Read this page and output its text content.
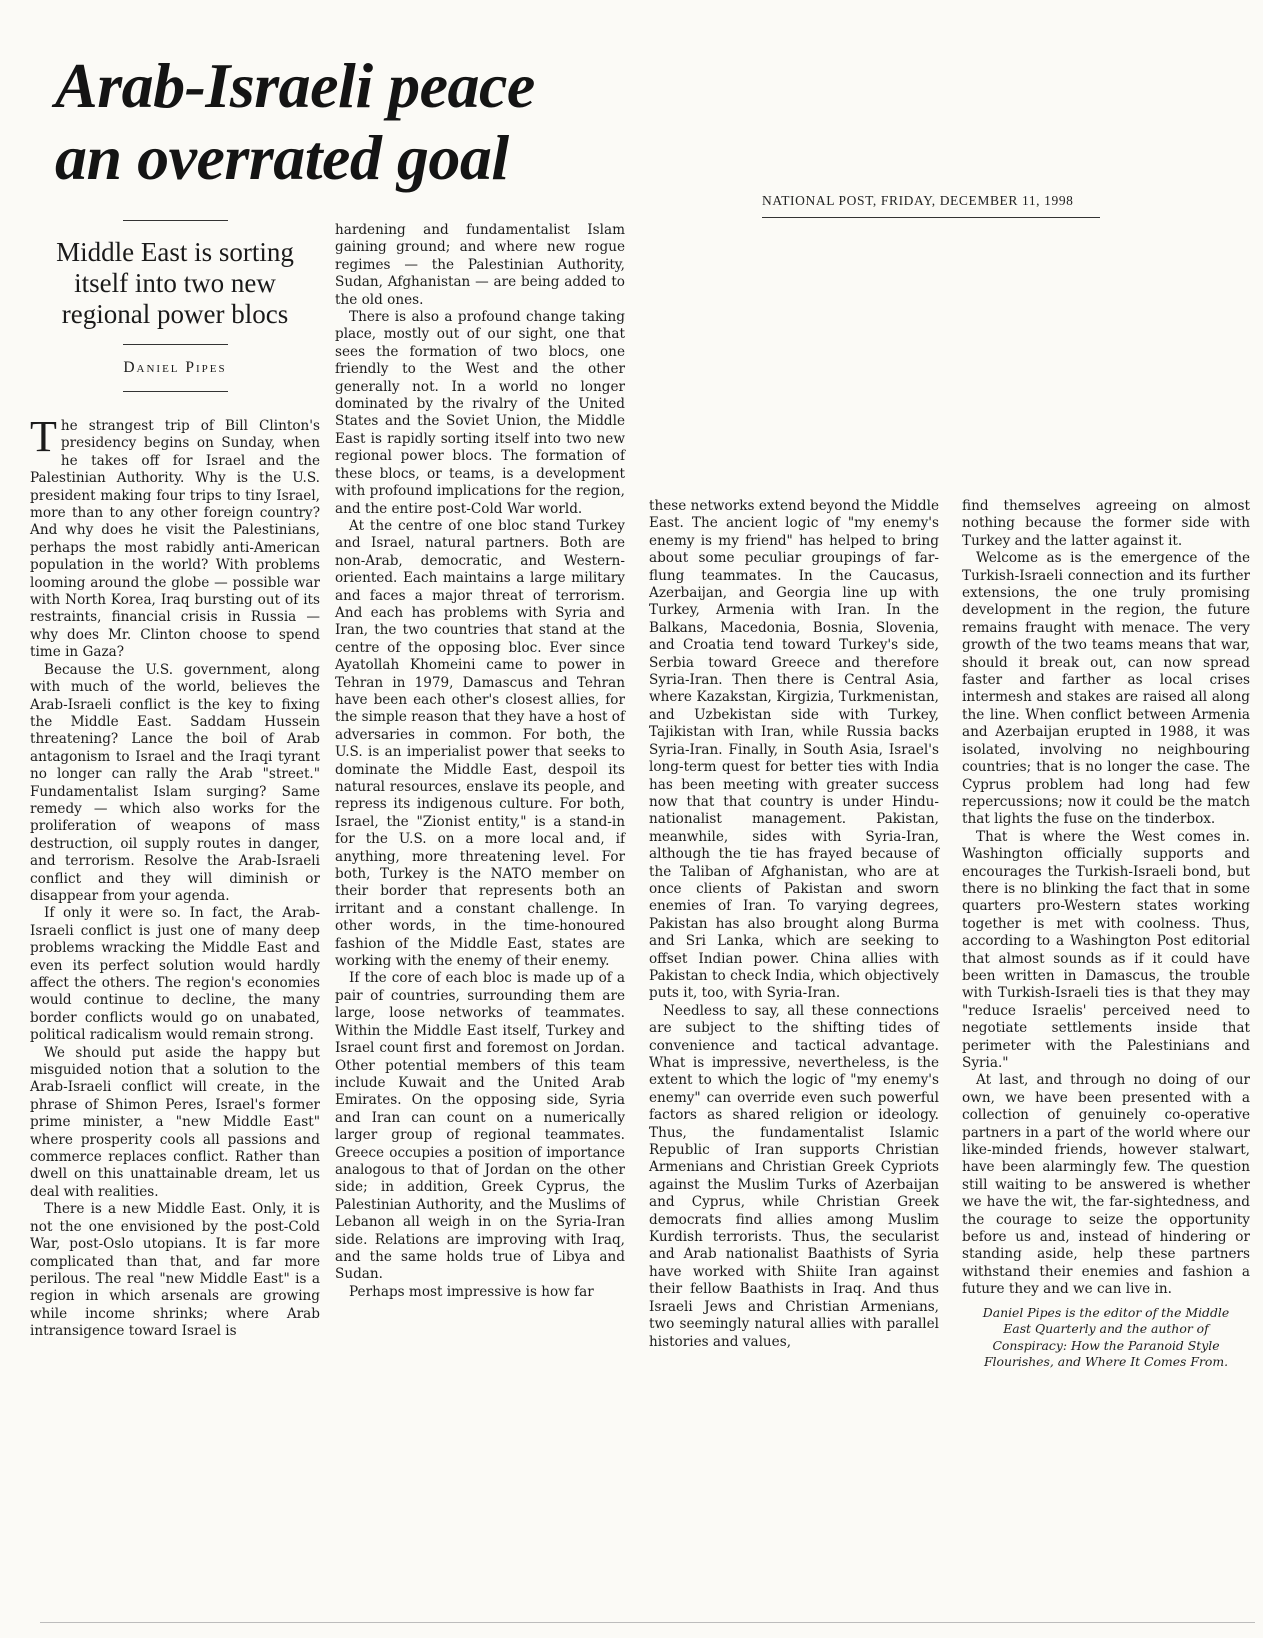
Arab-Israeli peace
an overrated goal
NATIONAL POST, FRIDAY, DECEMBER 11, 1998
Middle East is sorting itself into two new regional power blocs
Daniel Pipes

The strangest trip of Bill Clinton's presidency begins on Sunday, when he takes off for Israel and the Palestinian Authority. Why is the U.S. president making four trips to tiny Israel, more than to any other foreign country? And why does he visit the Palestinians, perhaps the most rabidly anti-American population in the world? With problems looming around the globe — possible war with North Korea, Iraq bursting out of its restraints, financial crisis in Russia — why does Mr. Clinton choose to spend time in Gaza?

Because the U.S. government, along with much of the world, believes the Arab-Israeli conflict is the key to fixing the Middle East. Saddam Hussein threatening? Lance the boil of Arab antagonism to Israel and the Iraqi tyrant no longer can rally the Arab "street." Fundamentalist Islam surging? Same remedy — which also works for the proliferation of weapons of mass destruction, oil supply routes in danger, and terrorism. Resolve the Arab-Israeli conflict and they will diminish or disappear from your agenda.

If only it were so. In fact, the Arab-Israeli conflict is just one of many deep problems wracking the Middle East and even its perfect solution would hardly affect the others. The region's economies would continue to decline, the many border conflicts would go on unabated, political radicalism would remain strong.

We should put aside the happy but misguided notion that a solution to the Arab-Israeli conflict will create, in the phrase of Shimon Peres, Israel's former prime minister, a "new Middle East" where prosperity cools all passions and commerce replaces conflict. Rather than dwell on this unattainable dream, let us deal with realities.

There is a new Middle East. Only, it is not the one envisioned by the post-Cold War, post-Oslo utopians. It is far more complicated than that, and far more perilous. The real "new Middle East" is a region in which arsenals are growing while income shrinks; where Arab intransigence toward Israel is

hardening and fundamentalist Islam gaining ground; and where new rogue regimes — the Palestinian Authority, Sudan, Afghanistan — are being added to the old ones.

There is also a profound change taking place, mostly out of our sight, one that sees the formation of two blocs, one friendly to the West and the other generally not. In a world no longer dominated by the rivalry of the United States and the Soviet Union, the Middle East is rapidly sorting itself into two new regional power blocs. The formation of these blocs, or teams, is a development with profound implications for the region, and the entire post-Cold War world.

At the centre of one bloc stand Turkey and Israel, natural partners. Both are non-Arab, democratic, and Western-oriented. Each maintains a large military and faces a major threat of terrorism. And each has problems with Syria and Iran, the two countries that stand at the centre of the opposing bloc. Ever since Ayatollah Khomeini came to power in Tehran in 1979, Damascus and Tehran have been each other's closest allies, for the simple reason that they have a host of adversaries in common. For both, the U.S. is an imperialist power that seeks to dominate the Middle East, despoil its natural resources, enslave its people, and repress its indigenous culture. For both, Israel, the "Zionist entity," is a stand-in for the U.S. on a more local and, if anything, more threatening level. For both, Turkey is the NATO member on their border that represents both an irritant and a constant challenge. In other words, in the time-honoured fashion of the Middle East, states are working with the enemy of their enemy.

If the core of each bloc is made up of a pair of countries, surrounding them are large, loose networks of teammates. Within the Middle East itself, Turkey and Israel count first and foremost on Jordan. Other potential members of this team include Kuwait and the United Arab Emirates. On the opposing side, Syria and Iran can count on a numerically larger group of regional teammates. Greece occupies a position of importance analogous to that of Jordan on the other side; in addition, Greek Cyprus, the Palestinian Authority, and the Muslims of Lebanon all weigh in on the Syria-Iran side. Relations are improving with Iraq, and the same holds true of Libya and Sudan.

Perhaps most impressive is how far

these networks extend beyond the Middle East. The ancient logic of "my enemy's enemy is my friend" has helped to bring about some peculiar groupings of far-flung teammates. In the Caucasus, Azerbaijan, and Georgia line up with Turkey, Armenia with Iran. In the Balkans, Macedonia, Bosnia, Slovenia, and Croatia tend toward Turkey's side, Serbia toward Greece and therefore Syria-Iran. Then there is Central Asia, where Kazakstan, Kirgizia, Turkmenistan, and Uzbekistan side with Turkey, Tajikistan with Iran, while Russia backs Syria-Iran. Finally, in South Asia, Israel's long-term quest for better ties with India has been meeting with greater success now that that country is under Hindu-nationalist management. Pakistan, meanwhile, sides with Syria-Iran, although the tie has frayed because of the Taliban of Afghanistan, who are at once clients of Pakistan and sworn enemies of Iran. To varying degrees, Pakistan has also brought along Burma and Sri Lanka, which are seeking to offset Indian power. China allies with Pakistan to check India, which objectively puts it, too, with Syria-Iran.

Needless to say, all these connections are subject to the shifting tides of convenience and tactical advantage. What is impressive, nevertheless, is the extent to which the logic of "my enemy's enemy" can override even such powerful factors as shared religion or ideology. Thus, the fundamentalist Islamic Republic of Iran supports Christian Armenians and Christian Greek Cypriots against the Muslim Turks of Azerbaijan and Cyprus, while Christian Greek democrats find allies among Muslim Kurdish terrorists. Thus, the secularist and Arab nationalist Baathists of Syria have worked with Shiite Iran against their fellow Baathists in Iraq. And thus Israeli Jews and Christian Armenians, two seemingly natural allies with parallel histories and values,

find themselves agreeing on almost nothing because the former side with Turkey and the latter against it.

Welcome as is the emergence of the Turkish-Israeli connection and its further extensions, the one truly promising development in the region, the future remains fraught with menace. The very growth of the two teams means that war, should it break out, can now spread faster and farther as local crises intermesh and stakes are raised all along the line. When conflict between Armenia and Azerbaijan erupted in 1988, it was isolated, involving no neighbouring countries; that is no longer the case. The Cyprus problem had long had few repercussions; now it could be the match that lights the fuse on the tinderbox.

That is where the West comes in. Washington officially supports and encourages the Turkish-Israeli bond, but there is no blinking the fact that in some quarters pro-Western states working together is met with coolness. Thus, according to a Washington Post editorial that almost sounds as if it could have been written in Damascus, the trouble with Turkish-Israeli ties is that they may "reduce Israelis' perceived need to negotiate settlements inside that perimeter with the Palestinians and Syria."

At last, and through no doing of our own, we have been presented with a collection of genuinely co-operative partners in a part of the world where our like-minded friends, however stalwart, have been alarmingly few. The question still waiting to be answered is whether we have the wit, the far-sightedness, and the courage to seize the opportunity before us and, instead of hindering or standing aside, help these partners withstand their enemies and fashion a future they and we can live in.

Daniel Pipes is the editor of the Middle East Quarterly and the author of Conspiracy: How the Paranoid Style Flourishes, and Where It Comes From.
